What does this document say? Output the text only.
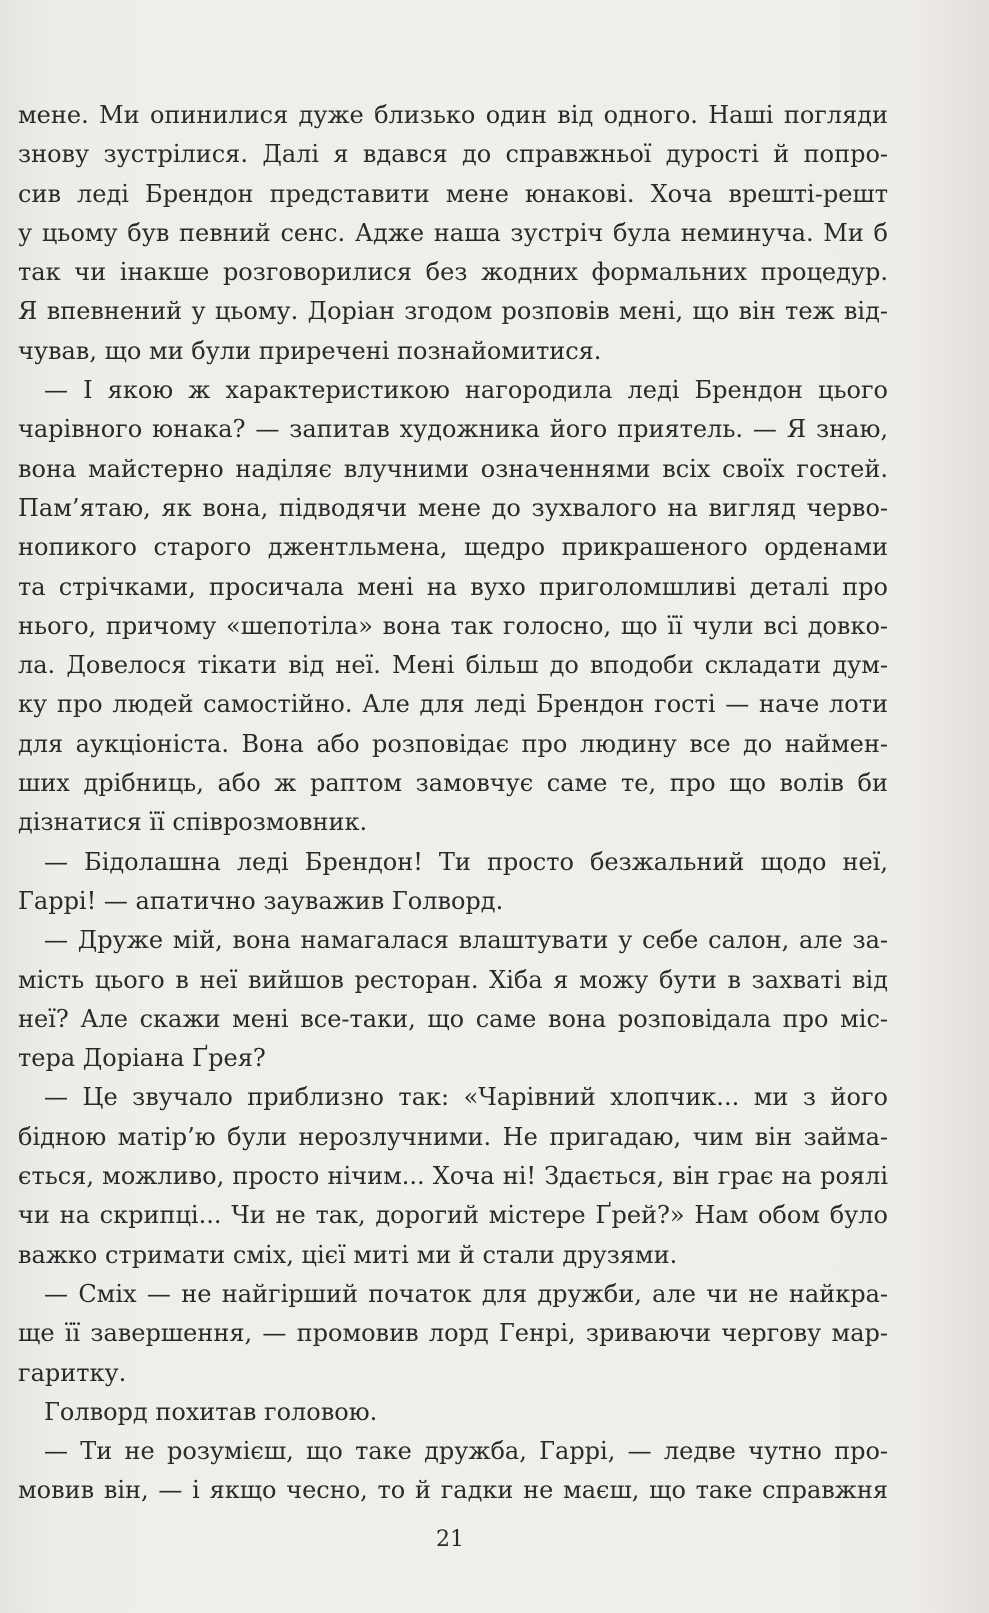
мене. Ми опинилися дуже близько один від одного. Наші погляди
знову зустрілися. Далі я вдався до справжньої дурості й попро-
сив леді Брендон представити мене юнакові. Хоча врешті-решт
у цьому був певний сенс. Адже наша зустріч була неминуча. Ми б
так чи інакше розговорилися без жодних формальних процедур.
Я впевнений у цьому. Доріан згодом розповів мені, що він теж від-
чував, що ми були приречені познайомитися.
— І якою ж характеристикою нагородила леді Брендон цього
чарівного юнака? — запитав художника його приятель. — Я знаю,
вона майстерно наділяє влучними означеннями всіх своїх гостей.
Пам’ятаю, як вона, підводячи мене до зухвалого на вигляд черво-
нопикого старого джентльмена, щедро прикрашеного орденами
та стрічками, просичала мені на вухо приголомшливі деталі про
нього, причому «шепотіла» вона так голосно, що її чули всі довко-
ла. Довелося тікати від неї. Мені більш до вподоби складати дум-
ку про людей самостійно. Але для леді Брендон гості — наче лоти
для аукціоніста. Вона або розповідає про людину все до наймен-
ших дрібниць, або ж раптом замовчує саме те, про що волів би
дізнатися її співрозмовник.
— Бідолашна леді Брендон! Ти просто безжальний щодо неї,
Гаррі! — апатично зауважив Голворд.
— Друже мій, вона намагалася влаштувати у себе салон, але за-
мість цього в неї вийшов ресторан. Хіба я можу бути в захваті від
неї? Але скажи мені все-таки, що саме вона розповідала про міс-
тера Доріана Ґрея?
— Це звучало приблизно так: «Чарівний хлопчик... ми з його
бідною матір’ю були нерозлучними. Не пригадаю, чим він займа-
ється, можливо, просто нічим... Хоча ні! Здається, він грає на роялі
чи на скрипці... Чи не так, дорогий містере Ґрей?» Нам обом було
важко стримати сміх, цієї миті ми й стали друзями.
— Сміх — не найгірший початок для дружби, але чи не найкра-
ще її завершення, — промовив лорд Генрі, зриваючи чергову мар-
гаритку.
Голворд похитав головою.
— Ти не розумієш, що таке дружба, Гаррі, — ледве чутно про-
мовив він, — і якщо чесно, то й гадки не маєш, що таке справжня
21
